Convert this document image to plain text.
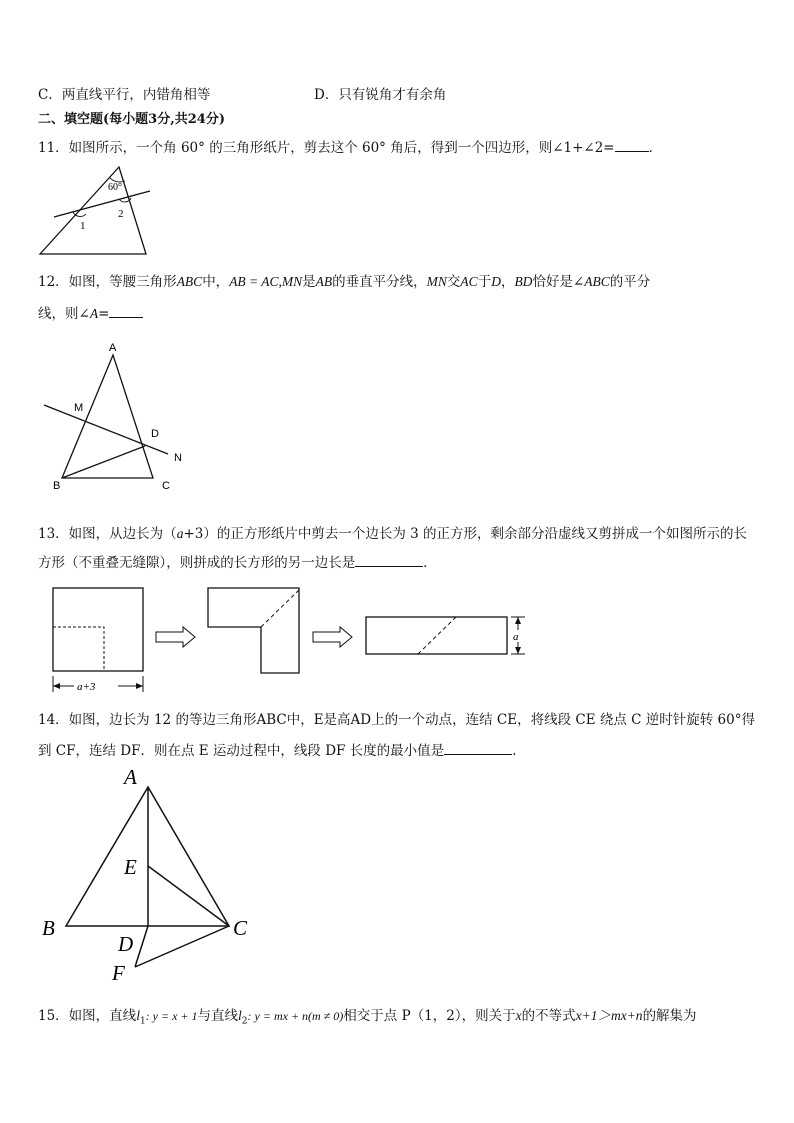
C．两直线平行，内错角相等	D．只有锐角才有余角
二、填空题(每小题3分,共24分)
11．如图所示，一个角 60° 的三角形纸片，剪去这个 60° 角后，得到一个四边形，则∠1+∠2=	．
60°
1
2
12．如图，等腰三角形ABC中，AB = AC,MN是AB的垂直平分线，MN交AC于D，BD恰好是∠ABC的平分
线，则∠A=
A
B	C
M
D
N
13．如图，从边长为（a+3）的正方形纸片中剪去一个边长为 3 的正方形，剩余部分沿虚线又剪拼成一个如图所示的长
方形（不重叠无缝隙），则拼成的长方形的另一边长是	．
a+3
a
14．如图，边长为 12 的等边三角形ABC中，E是高AD上的一个动点，连结 CE，将线段 CE 绕点 C 逆时针旋转 60°得
到 CF，连结 DF．则在点 E 运动过程中，线段 DF 长度的最小值是	．
A
B	C
D
E
F
15．如图，直线$l_1$: y = x + 1与直线$l_2$: y = mx + n(m ≠ 0)相交于点 P（1，2），则关于x的不等式x+1＞mx+n的解集为
